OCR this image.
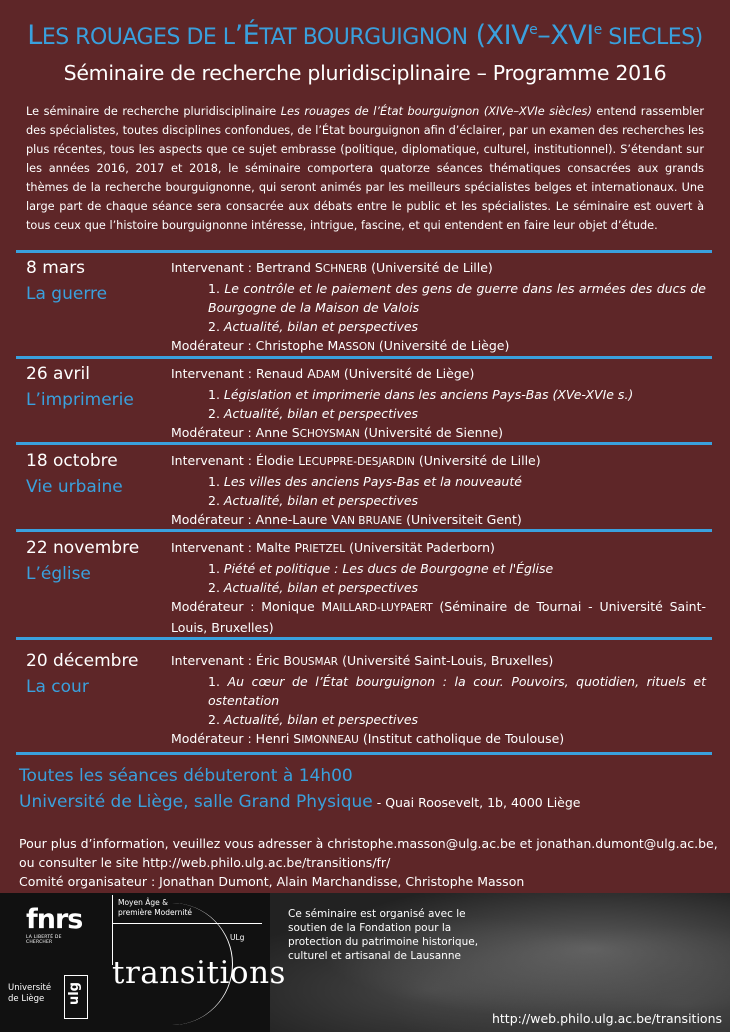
LES ROUAGES DE L’ÉTAT BOURGUIGNON (XIVe–XVIe SIECLES)
Séminaire de recherche pluridisciplinaire – Programme 2016
Le séminaire de recherche pluridisciplinaire Les rouages de l’État bourguignon (XIVe–XVIe siècles) entend rassembler des spécialistes, toutes disciplines confondues, de l’État bourguignon afin d’éclairer, par un examen des recherches les plus récentes, tous les aspects que ce sujet embrasse (politique, diplomatique, culturel, institutionnel). S’étendant sur les années 2016, 2017 et 2018, le séminaire comportera quatorze séances thématiques consacrées aux grands thèmes de la recherche bourguignonne, qui seront animés par les meilleurs spécialistes belges et internationaux. Une large part de chaque séance sera consacrée aux débats entre le public et les spécialistes. Le séminaire est ouvert à tous ceux que l’histoire bourguignonne intéresse, intrigue, fascine, et qui entendent en faire leur objet d’étude.
8 mars
La guerre
Intervenant : Bertrand SCHNERB (Université de Lille)
1. Le contrôle et le paiement des gens de guerre dans les armées des ducs de Bourgogne de la Maison de Valois
2. Actualité, bilan et perspectives
Modérateur : Christophe MASSON (Université de Liège)
26 avril
L’imprimerie
Intervenant : Renaud ADAM (Université de Liège)
1. Législation et imprimerie dans les anciens Pays-Bas (XVe-XVIe s.)
2. Actualité, bilan et perspectives
Modérateur : Anne SCHOYSMAN (Université de Sienne)
18 octobre
Vie urbaine
Intervenant : Élodie LECUPPRE-DESJARDIN (Université de Lille)
1. Les villes des anciens Pays-Bas et la nouveauté
2. Actualité, bilan et perspectives
Modérateur : Anne-Laure VAN BRUANE (Universiteit Gent)
22 novembre
L’église
Intervenant : Malte PRIETZEL (Universität Paderborn)
1. Piété et politique : Les ducs de Bourgogne et l'Église
2. Actualité, bilan et perspectives
Modérateur : Monique MAILLARD-LUYPAERT (Séminaire de Tournai - Université Saint-Louis, Bruxelles)
20 décembre
La cour
Intervenant : Éric BOUSMAR (Université Saint-Louis, Bruxelles)
1. Au cœur de l’État bourguignon : la cour. Pouvoirs, quotidien, rituels et ostentation
2. Actualité, bilan et perspectives
Modérateur : Henri SIMONNEAU (Institut catholique de Toulouse)
Toutes les séances débuteront à 14h00
Université de Liège, salle Grand Physique - Quai Roosevelt, 1b, 4000 Liège
Pour plus d’information, veuillez vous adresser à christophe.masson@ulg.ac.be et jonathan.dumont@ulg.ac.be,
ou consulter le site http://web.philo.ulg.ac.be/transitions/fr/
Comité organisateur : Jonathan Dumont, Alain Marchandisse, Christophe Masson
fnrs
LA LIBERTÉ DE CHERCHER
Université
de Liège	ulg
Moyen Âge &
première Modernité
ULg
transitions
Ce séminaire est organisé avec le soutien de la Fondation pour la protection du patrimoine historique, culturel et artisanal de Lausanne
http://web.philo.ulg.ac.be/transitions
